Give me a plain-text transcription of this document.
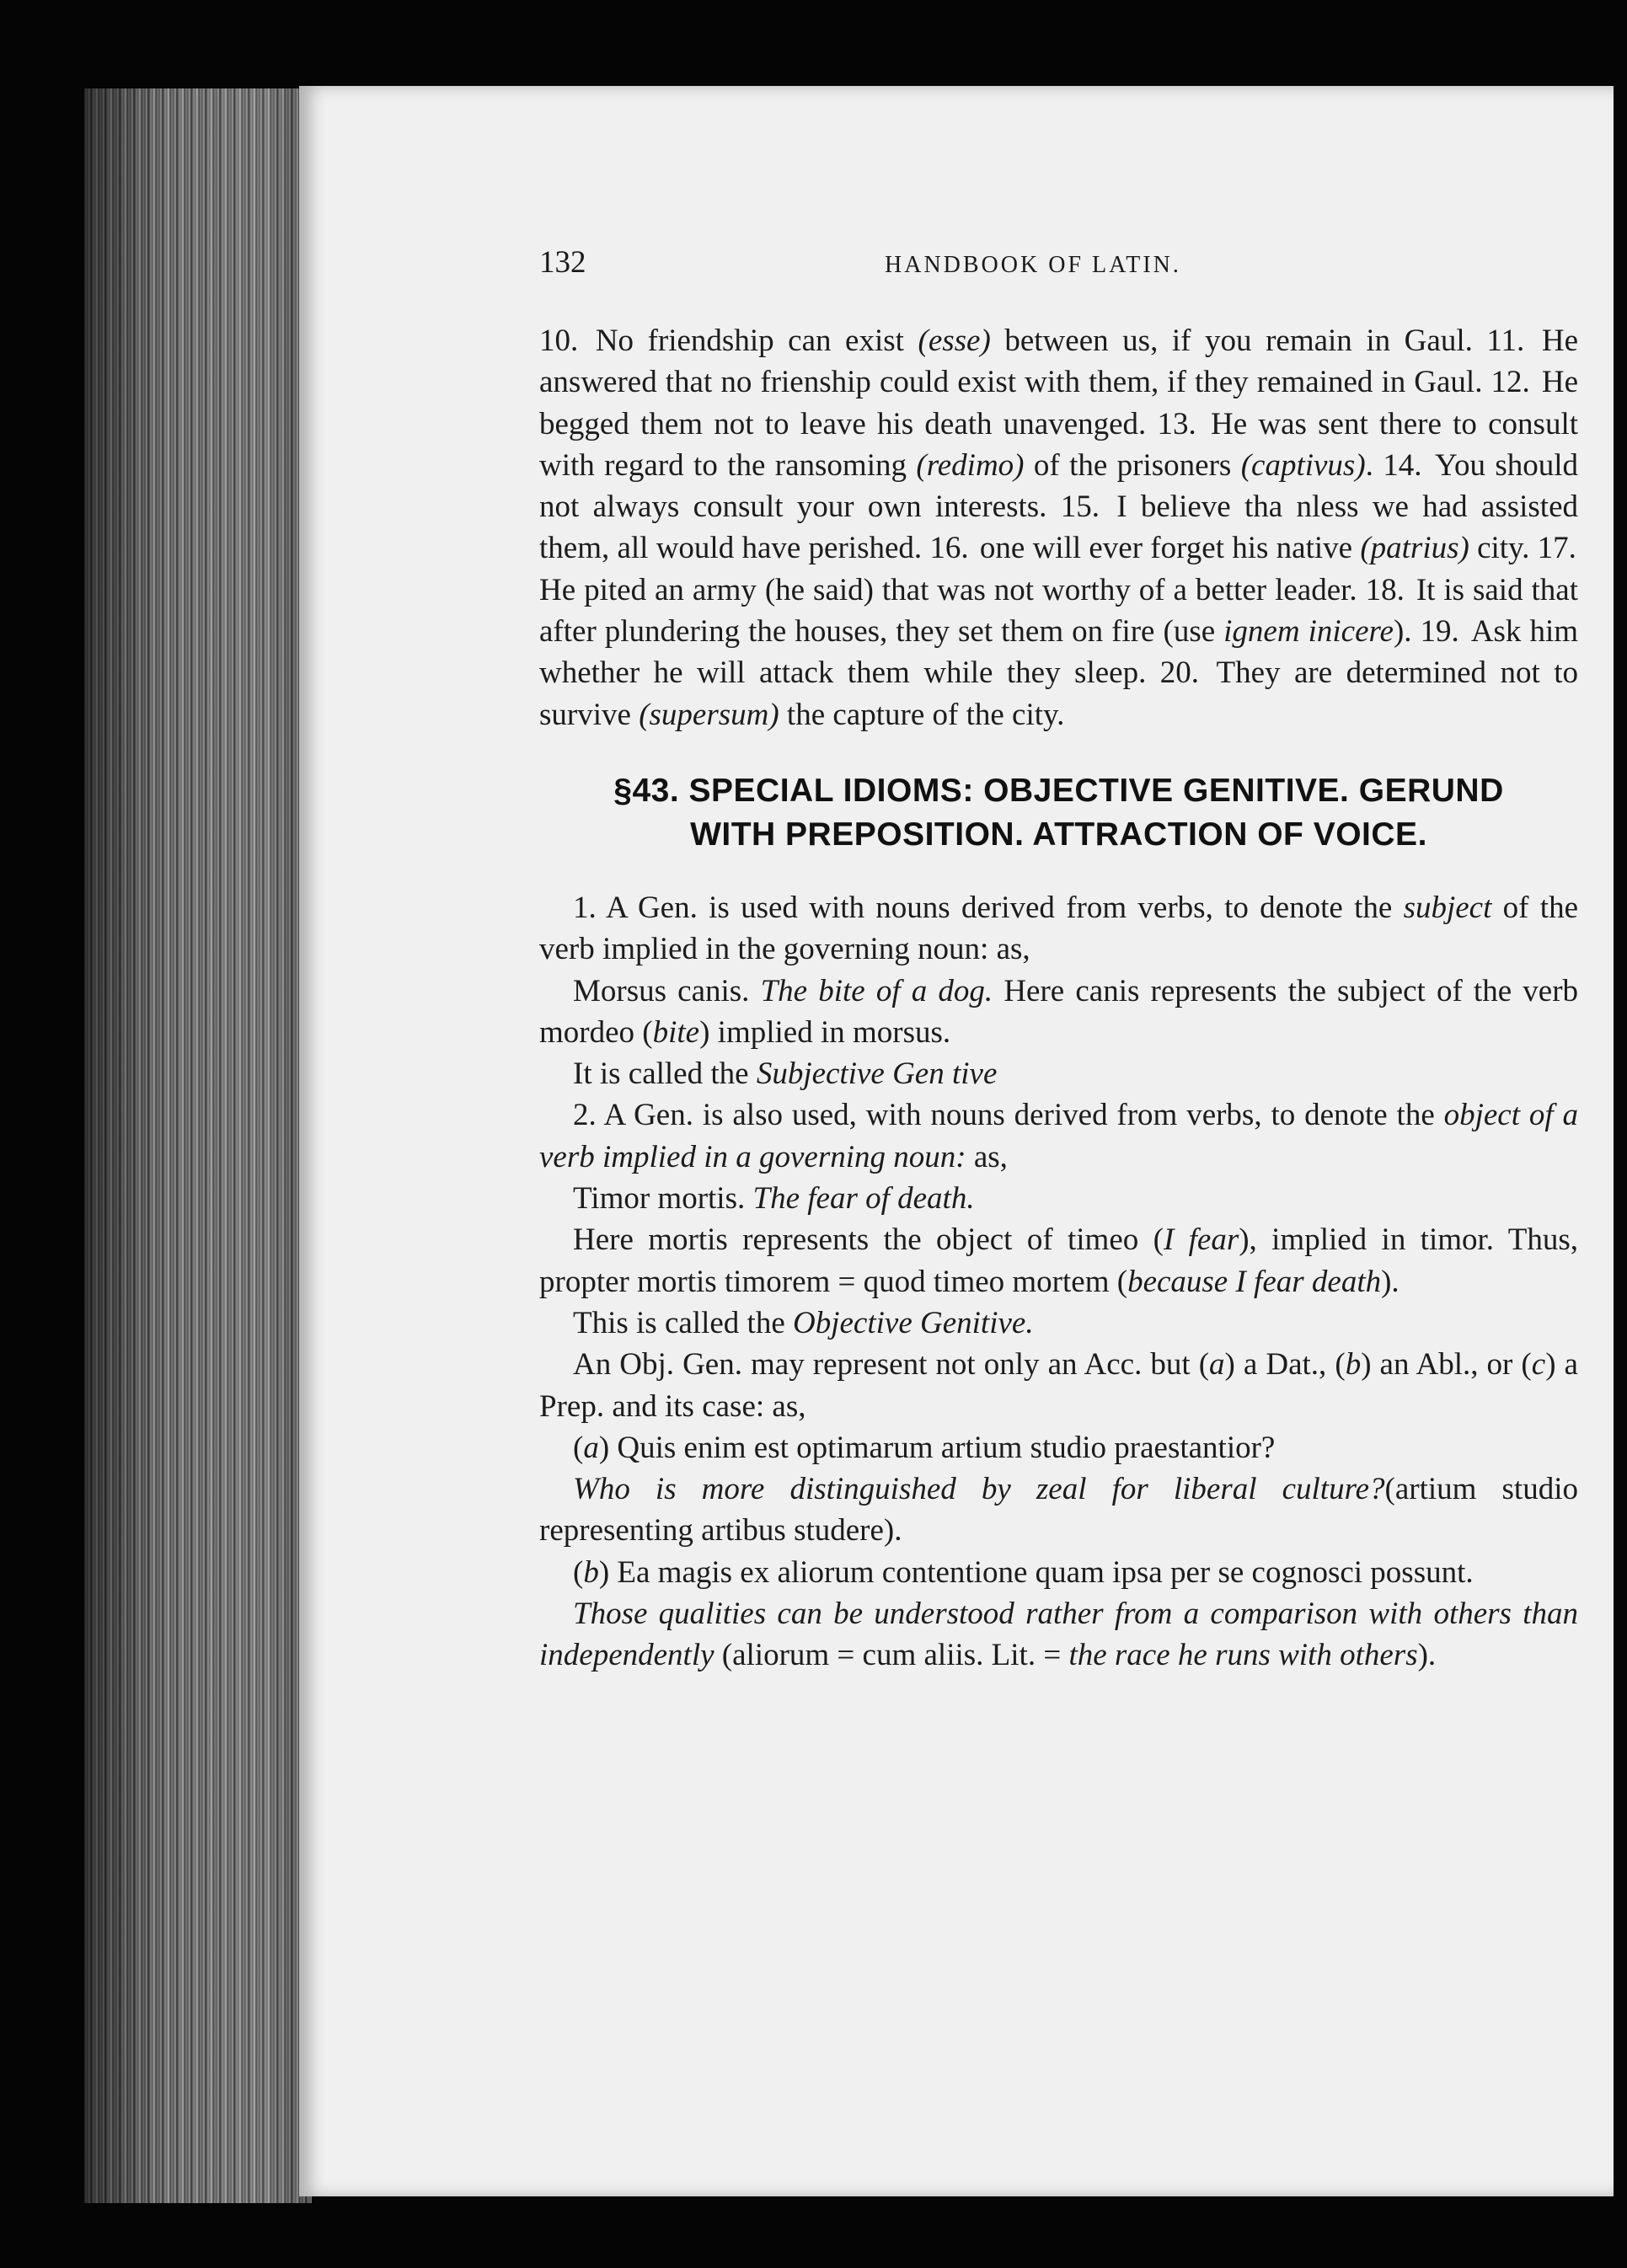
132	HANDBOOK OF LATIN.

10. No friendship can exist (esse) between us, if you remain in Gaul. 11. He answered that no frienship could exist with them, if they remained in Gaul. 12. He begged them not to leave his death unavenged. 13. He was sent there to consult with regard to the ransoming (redimo) of the prisoners (captivus). 14. You should not always consult your own interests. 15. I believe tha nless we had assisted them, all would have perished. 16. one will ever forget his native (patrius) city. 17. He pited an army (he said) that was not worthy of a better leader. 18. It is said that after plundering the houses, they set them on fire (use ignem inicere). 19. Ask him whether he will attack them while they sleep. 20. They are determined not to survive (supersum) the capture of the city.

§43. SPECIAL IDIOMS: OBJECTIVE GENITIVE. GERUND
WITH PREPOSITION. ATTRACTION OF VOICE.

1. A Gen. is used with nouns derived from verbs, to denote the subject of the verb implied in the governing noun: as,

Morsus canis. The bite of a dog. Here canis represents the subject of the verb mordeo (bite) implied in morsus.

It is called the Subjective Gen tive

2. A Gen. is also used, with nouns derived from verbs, to denote the object of a verb implied in a governing noun: as,

Timor mortis. The fear of death.

Here mortis represents the object of timeo (I fear), implied in timor. Thus, propter mortis timorem = quod timeo mortem (because I fear death).

This is called the Objective Genitive.

An Obj. Gen. may represent not only an Acc. but (a) a Dat., (b) an Abl., or (c) a Prep. and its case: as,

(a) Quis enim est optimarum artium studio praestantior?

Who is more distinguished by zeal for liberal culture?(artium studio representing artibus studere).

(b) Ea magis ex aliorum contentione quam ipsa per se cognosci possunt.

Those qualities can be understood rather from a comparison with others than independently (aliorum = cum aliis. Lit. = the race he runs with others).
